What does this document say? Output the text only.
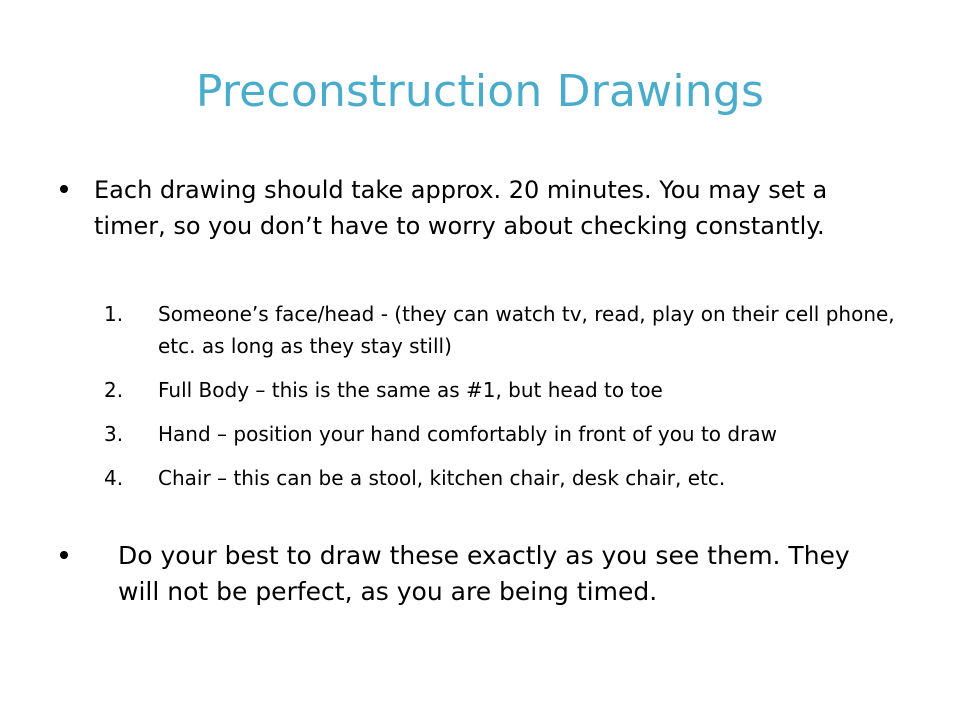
Preconstruction Drawings
Each drawing should take approx. 20 minutes. You may set a timer, so you don’t have to worry about checking constantly.
1.	Someone’s face/head - (they can watch tv, read, play on their cell phone, etc. as long as they stay still)
2.	Full Body – this is the same as #1, but head to toe
3.	Hand – position your hand comfortably in front of you to draw
4.	Chair – this can be a stool, kitchen chair, desk chair, etc.
Do your best to draw these exactly as you see them. They will not be perfect, as you are being timed.
